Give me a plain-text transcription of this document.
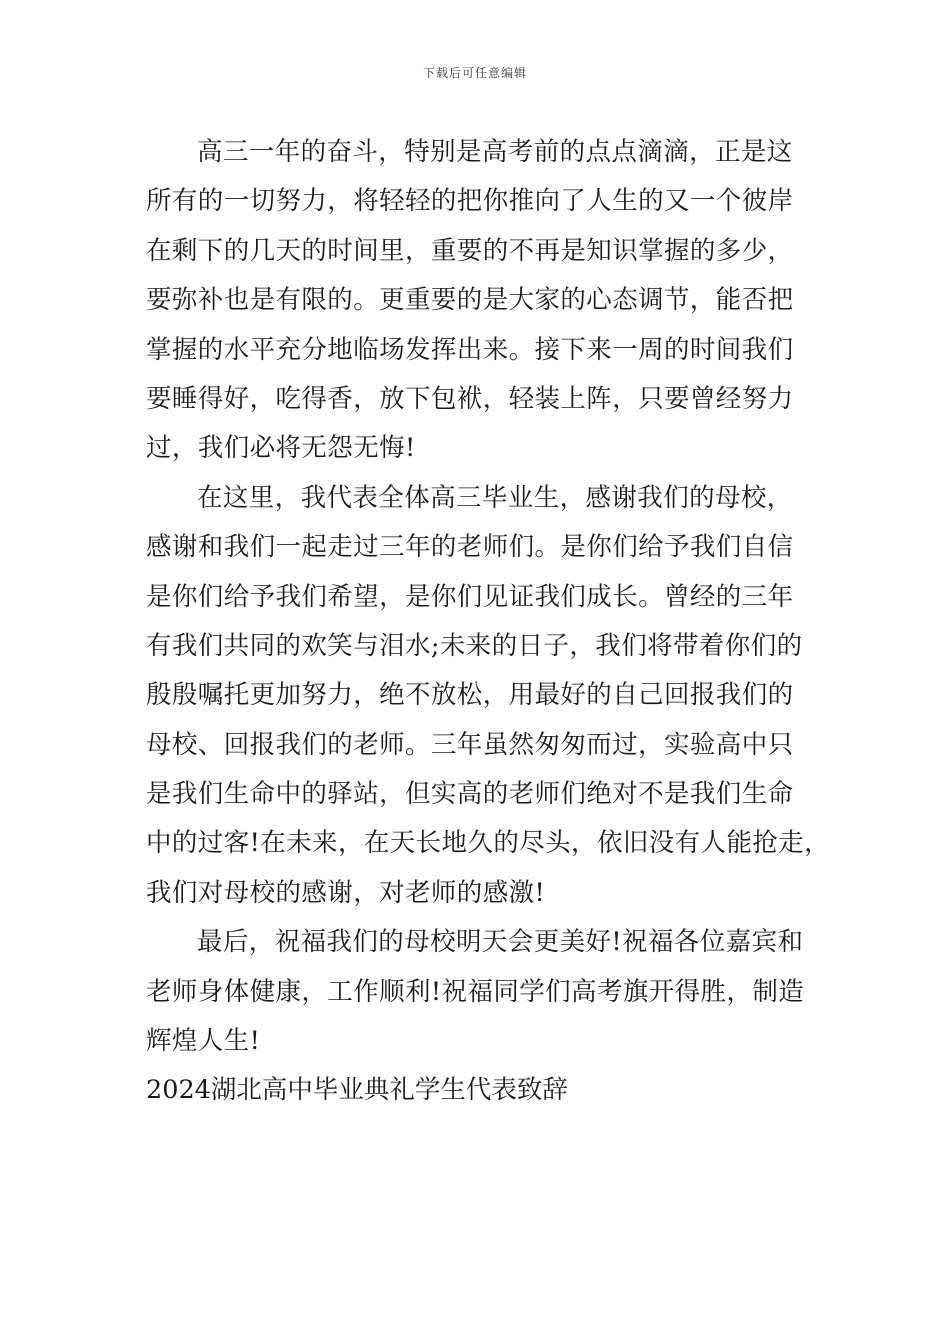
下载后可任意编辑
高三一年的奋斗，特别是高考前的点点滴滴，正是这
所有的一切努力，将轻轻的把你推向了人生的又一个彼岸
在剩下的几天的时间里，重要的不再是知识掌握的多少，
要弥补也是有限的。更重要的是大家的心态调节，能否把
掌握的水平充分地临场发挥出来。接下来一周的时间我们
要睡得好，吃得香，放下包袱，轻装上阵，只要曾经努力
过，我们必将无怨无悔!
在这里，我代表全体高三毕业生，感谢我们的母校，
感谢和我们一起走过三年的老师们。是你们给予我们自信
是你们给予我们希望，是你们见证我们成长。曾经的三年
有我们共同的欢笑与泪水;未来的日子，我们将带着你们的
殷殷嘱托更加努力，绝不放松，用最好的自己回报我们的
母校、回报我们的老师。三年虽然匆匆而过，实验高中只
是我们生命中的驿站，但实高的老师们绝对不是我们生命
中的过客!在未来，在天长地久的尽头，依旧没有人能抢走，
我们对母校的感谢，对老师的感激!
最后，祝福我们的母校明天会更美好!祝福各位嘉宾和
老师身体健康，工作顺利!祝福同学们高考旗开得胜，制造
辉煌人生!
2024湖北高中毕业典礼学生代表致辞
